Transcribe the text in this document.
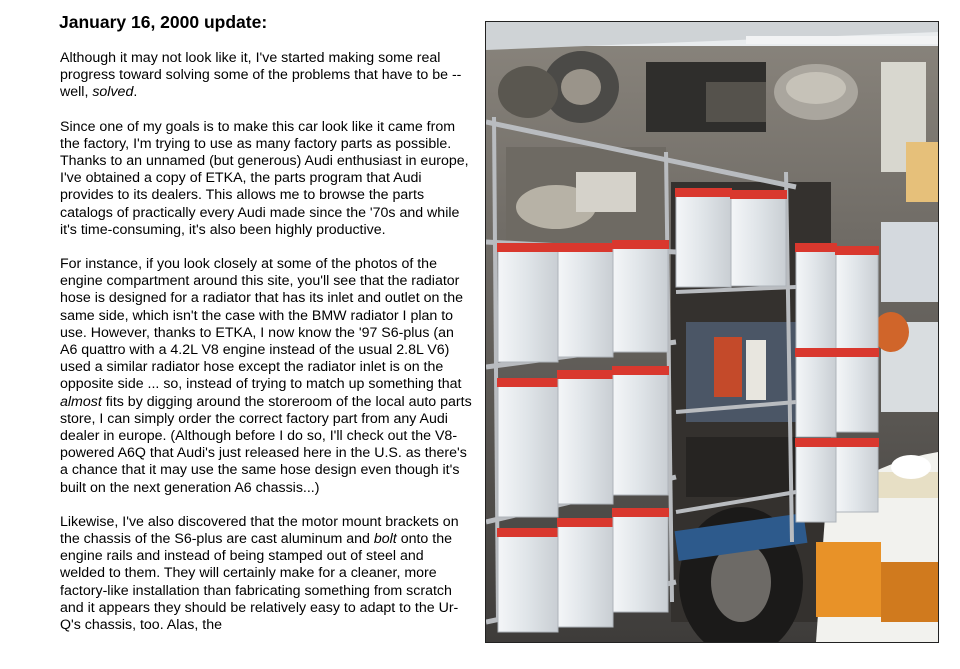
January 16, 2000 update:

Although it may not look like it, I've started making some real progress toward solving some of the problems that have to be -- well, solved.

Since one of my goals is to make this car look like it came from the factory, I'm trying to use as many factory parts as possible. Thanks to an unnamed (but generous) Audi enthusiast in europe, I've obtained a copy of ETKA, the parts program that Audi provides to its dealers. This allows me to browse the parts catalogs of practically every Audi made since the '70s and while it's time-consuming, it's also been highly productive.

For instance, if you look closely at some of the photos of the engine compartment around this site, you'll see that the radiator hose is designed for a radiator that has its inlet and outlet on the same side, which isn't the case with the BMW radiator I plan to use. However, thanks to ETKA, I now know the '97 S6-plus (an A6 quattro with a 4.2L V8 engine instead of the usual 2.8L V6) used a similar radiator hose except the radiator inlet is on the opposite side ... so, instead of trying to match up something that almost fits by digging around the storeroom of the local auto parts store, I can simply order the correct factory part from any Audi dealer in europe. (Although before I do so, I'll check out the V8-powered A6Q that Audi's just released here in the U.S. as there's a chance that it may use the same hose design even though it's built on the next generation A6 chassis...)

Likewise, I've also discovered that the motor mount brackets on the chassis of the S6-plus are cast aluminum and bolt onto the engine rails and instead of being stamped out of steel and welded to them. They will certainly make for a cleaner, more factory-like installation than fabricating something from scratch and it appears they should be relatively easy to adapt to the Ur-Q's chassis, too. Alas, the
